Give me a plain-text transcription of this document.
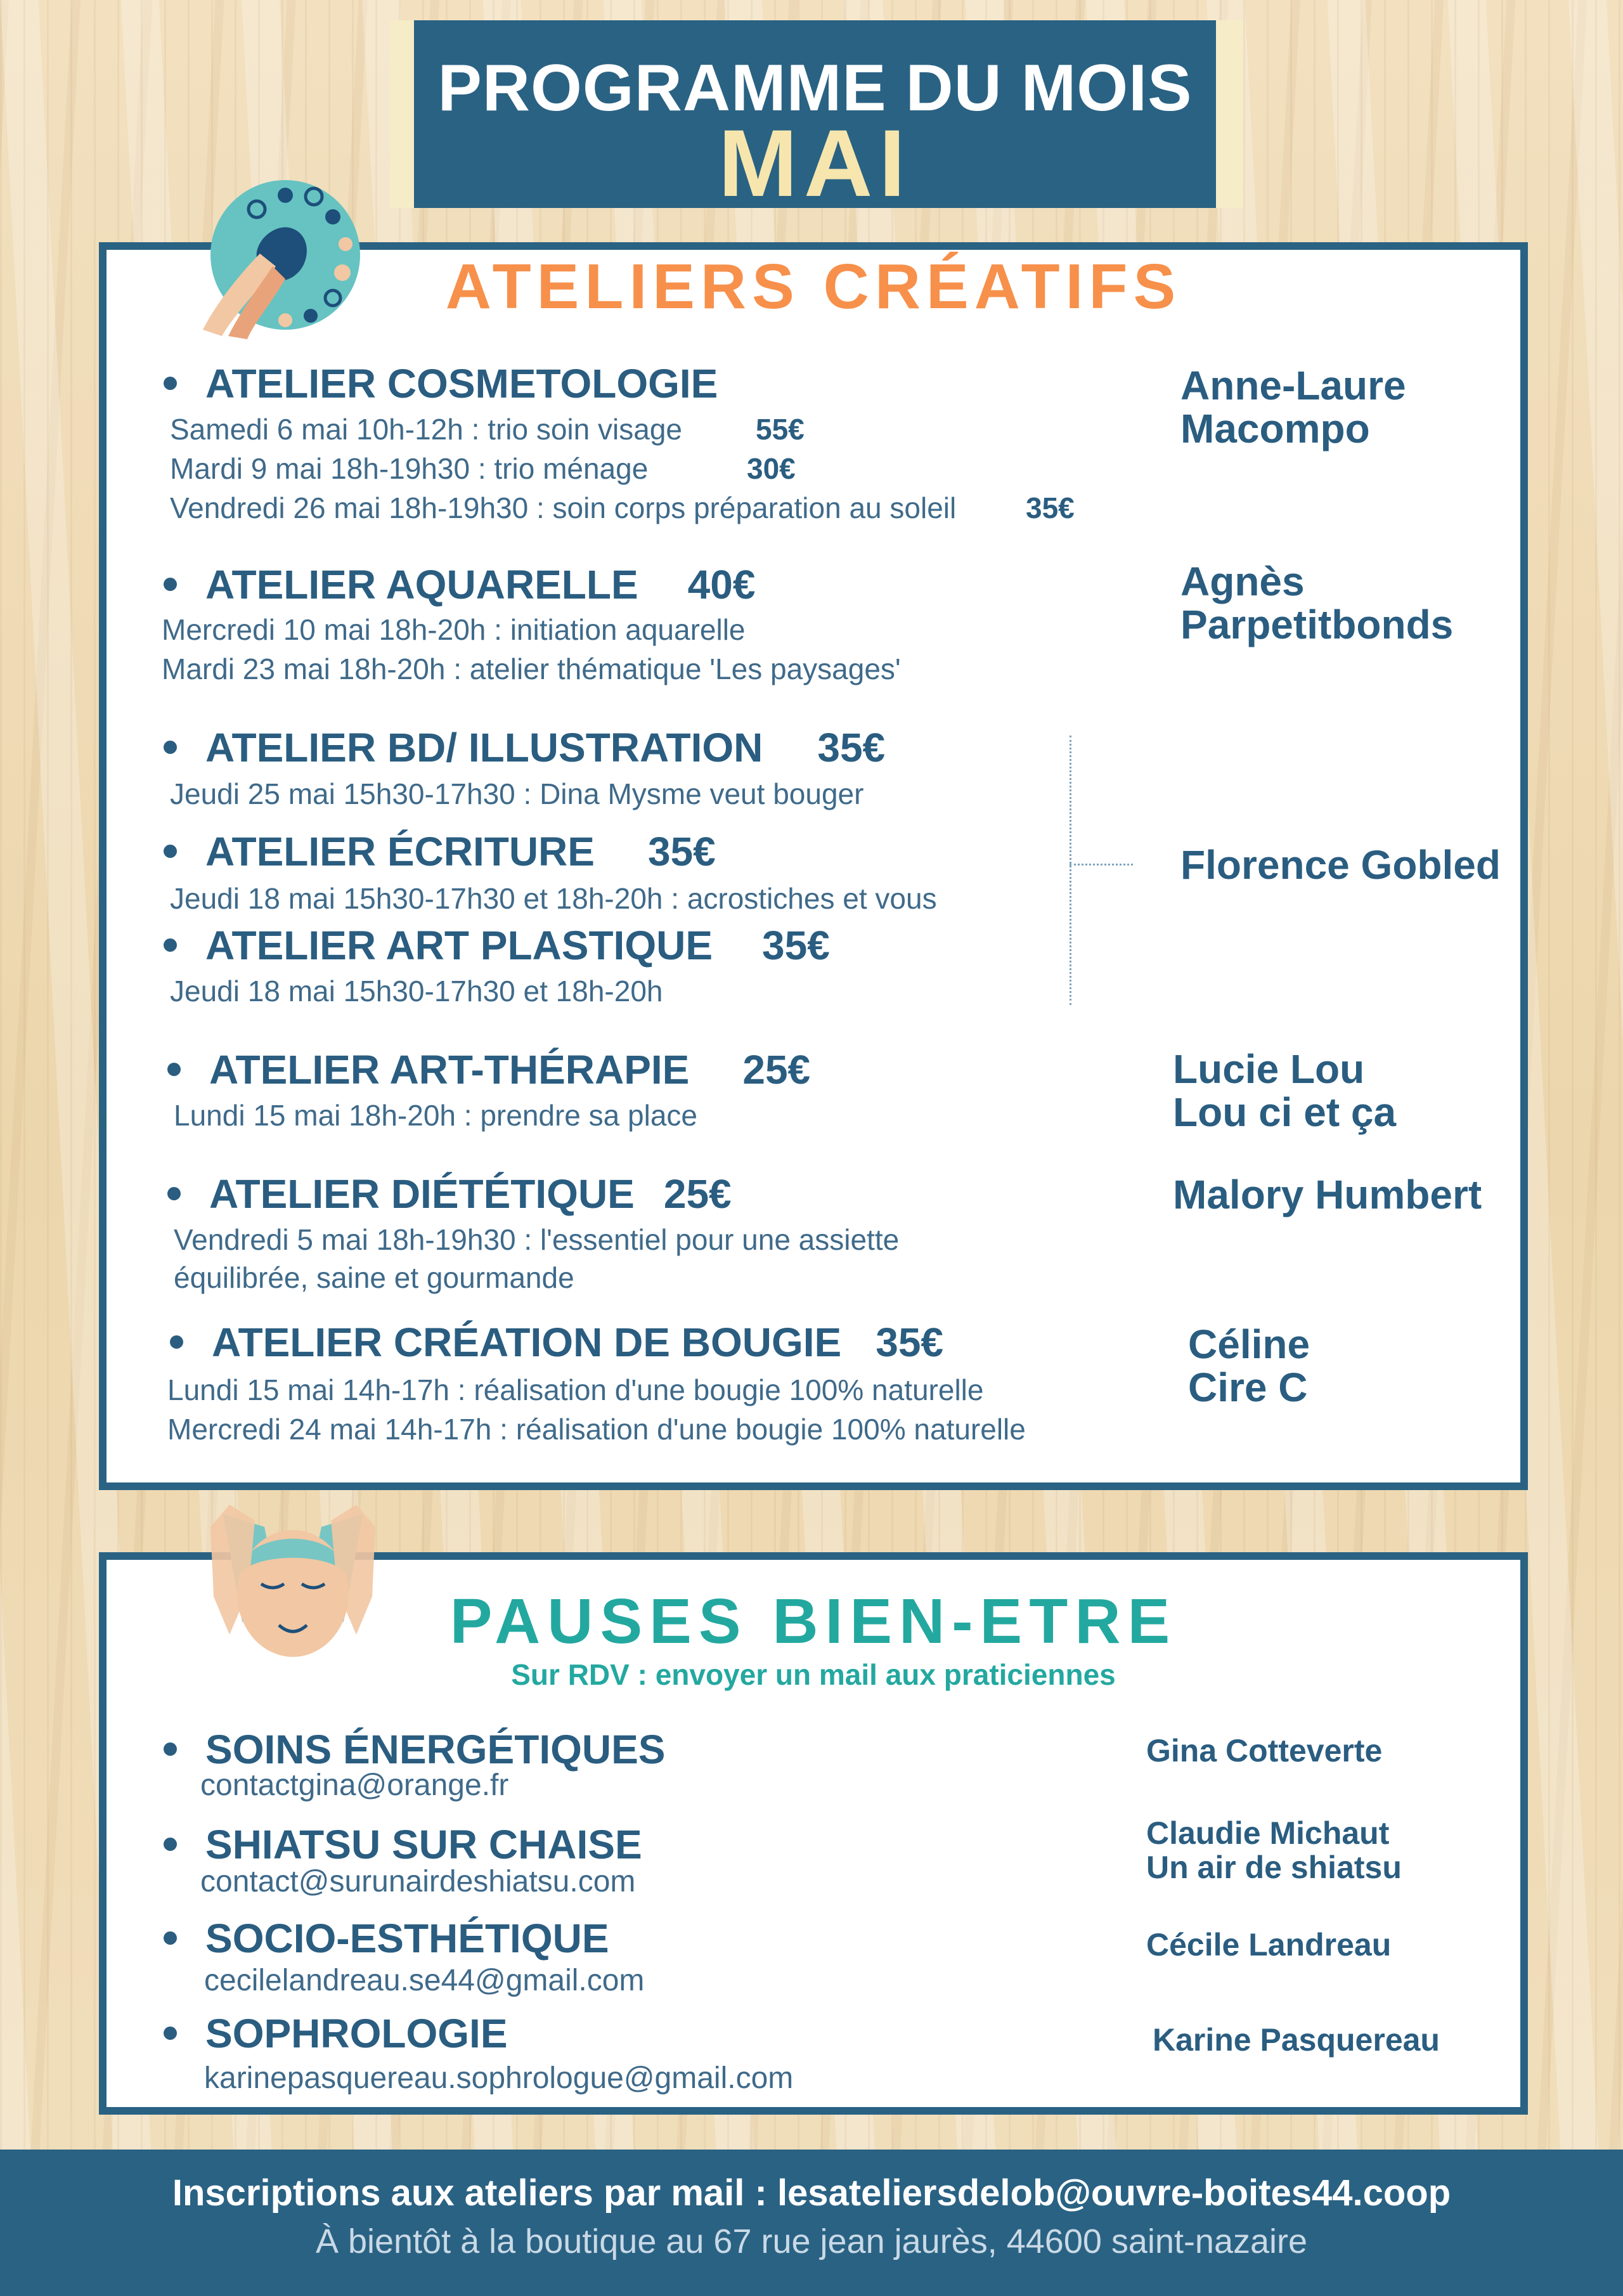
PROGRAMME DU MOIS
MAI
ATELIERS CRÉATIFS
ATELIER COSMETOLOGIE
Samedi 6 mai 10h-12h : trio soin visage	55€
Mardi 9 mai 18h-19h30 : trio ménage	30€
Vendredi 26 mai 18h-19h30 : soin corps préparation au soleil 35€
Anne-Laure
Macompo
ATELIER AQUARELLE 40€
Mercredi 10 mai 18h-20h : initiation aquarelle
Mardi 23 mai 18h-20h : atelier thématique 'Les paysages'
Agnès
Parpetitbonds
ATELIER BD/ ILLUSTRATION 35€
Jeudi 25 mai 15h30-17h30 : Dina Mysme veut bouger
ATELIER ÉCRITURE 35€
Jeudi 18 mai 15h30-17h30 et 18h-20h : acrostiches et vous
ATELIER ART PLASTIQUE 35€
Jeudi 18 mai 15h30-17h30 et 18h-20h
Florence Gobled
ATELIER ART-THÉRAPIE 25€
Lundi 15 mai 18h-20h : prendre sa place
Lucie Lou
Lou ci et ça
ATELIER DIÉTÉTIQUE 25€
Vendredi 5 mai 18h-19h30 : l'essentiel pour une assiette
équilibrée, saine et gourmande
Malory Humbert
ATELIER CRÉATION DE BOUGIE 35€
Lundi 15 mai 14h-17h : réalisation d'une bougie 100% naturelle
Mercredi 24 mai 14h-17h : réalisation d'une bougie 100% naturelle
Céline
Cire C
PAUSES BIEN-ETRE
Sur RDV : envoyer un mail aux praticiennes
SOINS ÉNERGÉTIQUES
contactgina@orange.fr
Gina Cotteverte
SHIATSU SUR CHAISE
contact@surunairdeshiatsu.com
Claudie Michaut
Un air de shiatsu
SOCIO-ESTHÉTIQUE
cecilelandreau.se44@gmail.com
Cécile Landreau
SOPHROLOGIE
karinepasquereau.sophrologue@gmail.com
Karine Pasquereau
Inscriptions aux ateliers par mail : lesateliersdelob@ouvre-boites44.coop
À bientôt à la boutique au 67 rue jean jaurès, 44600 saint-nazaire
